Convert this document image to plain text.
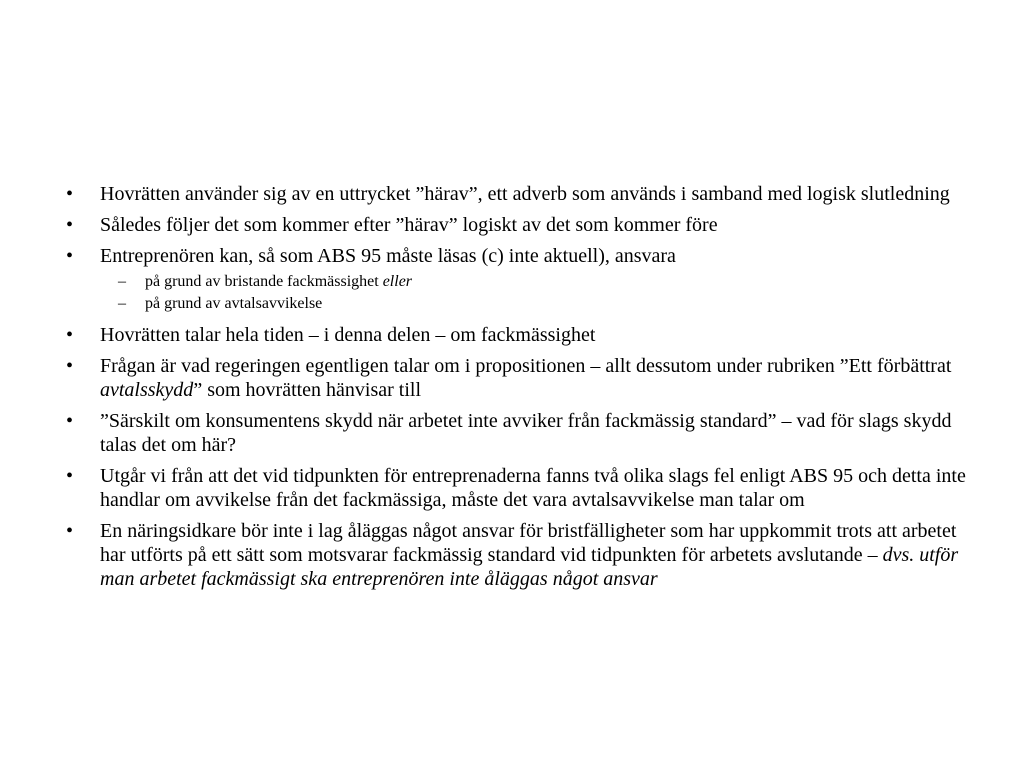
• Hovrätten använder sig av en uttrycket ”härav”, ett adverb som används i samband med logisk slutledning
• Således följer det som kommer efter ”härav” logiskt av det som kommer före
• Entreprenören kan, så som ABS 95 måste läsas (c) inte aktuell), ansvara
– på grund av bristande fackmässighet eller
– på grund av avtalsavvikelse
• Hovrätten talar hela tiden – i denna delen – om fackmässighet
• Frågan är vad regeringen egentligen talar om i propositionen – allt dessutom under rubriken ”Ett förbättrat avtalsskydd” som hovrätten hänvisar till
• ”Särskilt om konsumentens skydd när arbetet inte avviker från fackmässig standard” – vad för slags skydd talas det om här?
• Utgår vi från att det vid tidpunkten för entreprenaderna fanns två olika slags fel enligt ABS 95 och detta inte handlar om avvikelse från det fackmässiga, måste det vara avtalsavvikelse man talar om
• En näringsidkare bör inte i lag åläggas något ansvar för bristfälligheter som har uppkommit trots att arbetet har utförts på ett sätt som motsvarar fackmässig standard vid tidpunkten för arbetets avslutande – dvs. utför man arbetet fackmässigt ska entreprenören inte åläggas något ansvar
